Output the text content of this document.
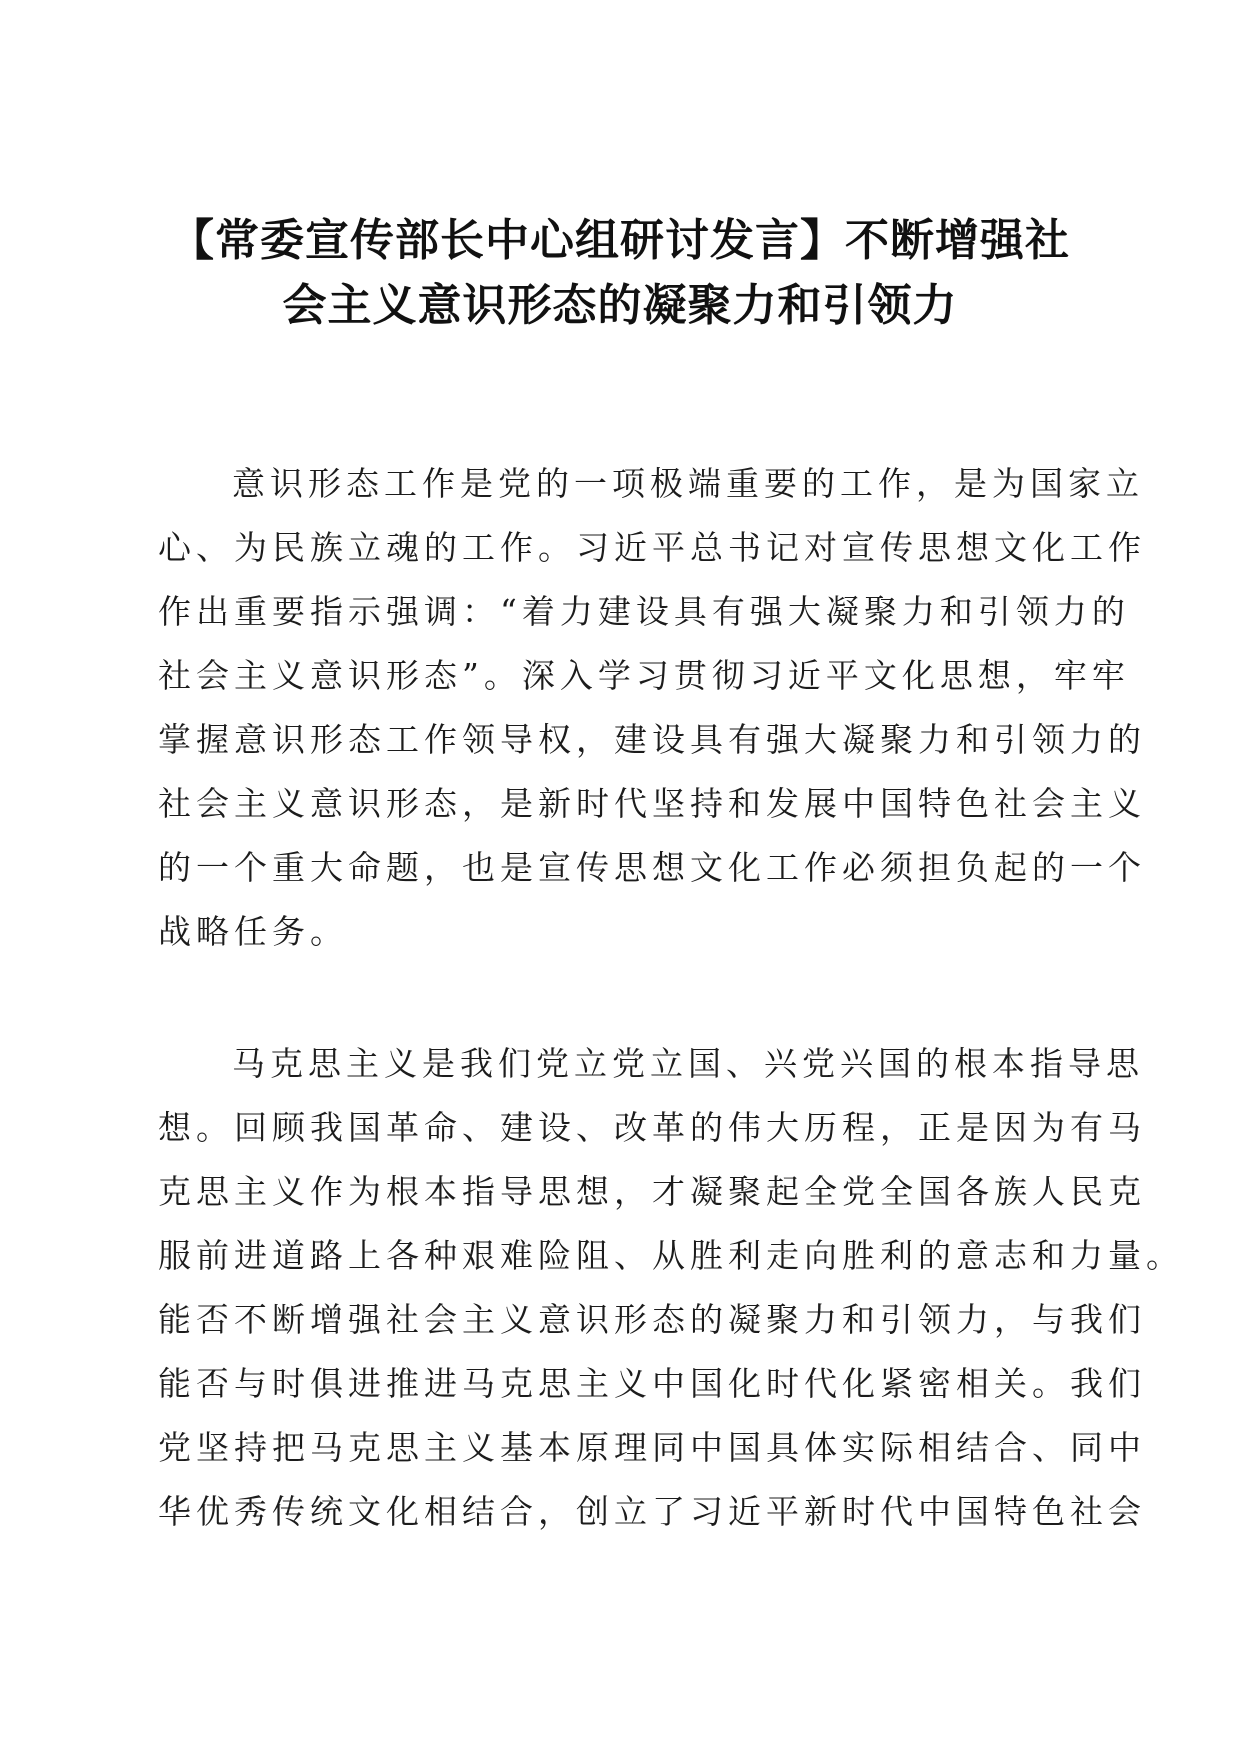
【常委宣传部长中心组研讨发言】不断增强社
会主义意识形态的凝聚力和引领力
意识形态工作是党的一项极端重要的工作，是为国家立
心、为民族立魂的工作。习近平总书记对宣传思想文化工作
作出重要指示强调：“着力建设具有强大凝聚力和引领力的
社会主义意识形态”。深入学习贯彻习近平文化思想，牢牢
掌握意识形态工作领导权，建设具有强大凝聚力和引领力的
社会主义意识形态，是新时代坚持和发展中国特色社会主义
的一个重大命题，也是宣传思想文化工作必须担负起的一个
战略任务。
马克思主义是我们党立党立国、兴党兴国的根本指导思
想。回顾我国革命、建设、改革的伟大历程，正是因为有马
克思主义作为根本指导思想，才凝聚起全党全国各族人民克
服前进道路上各种艰难险阻、从胜利走向胜利的意志和力量。
能否不断增强社会主义意识形态的凝聚力和引领力，与我们
能否与时俱进推进马克思主义中国化时代化紧密相关。我们
党坚持把马克思主义基本原理同中国具体实际相结合、同中
华优秀传统文化相结合，创立了习近平新时代中国特色社会
